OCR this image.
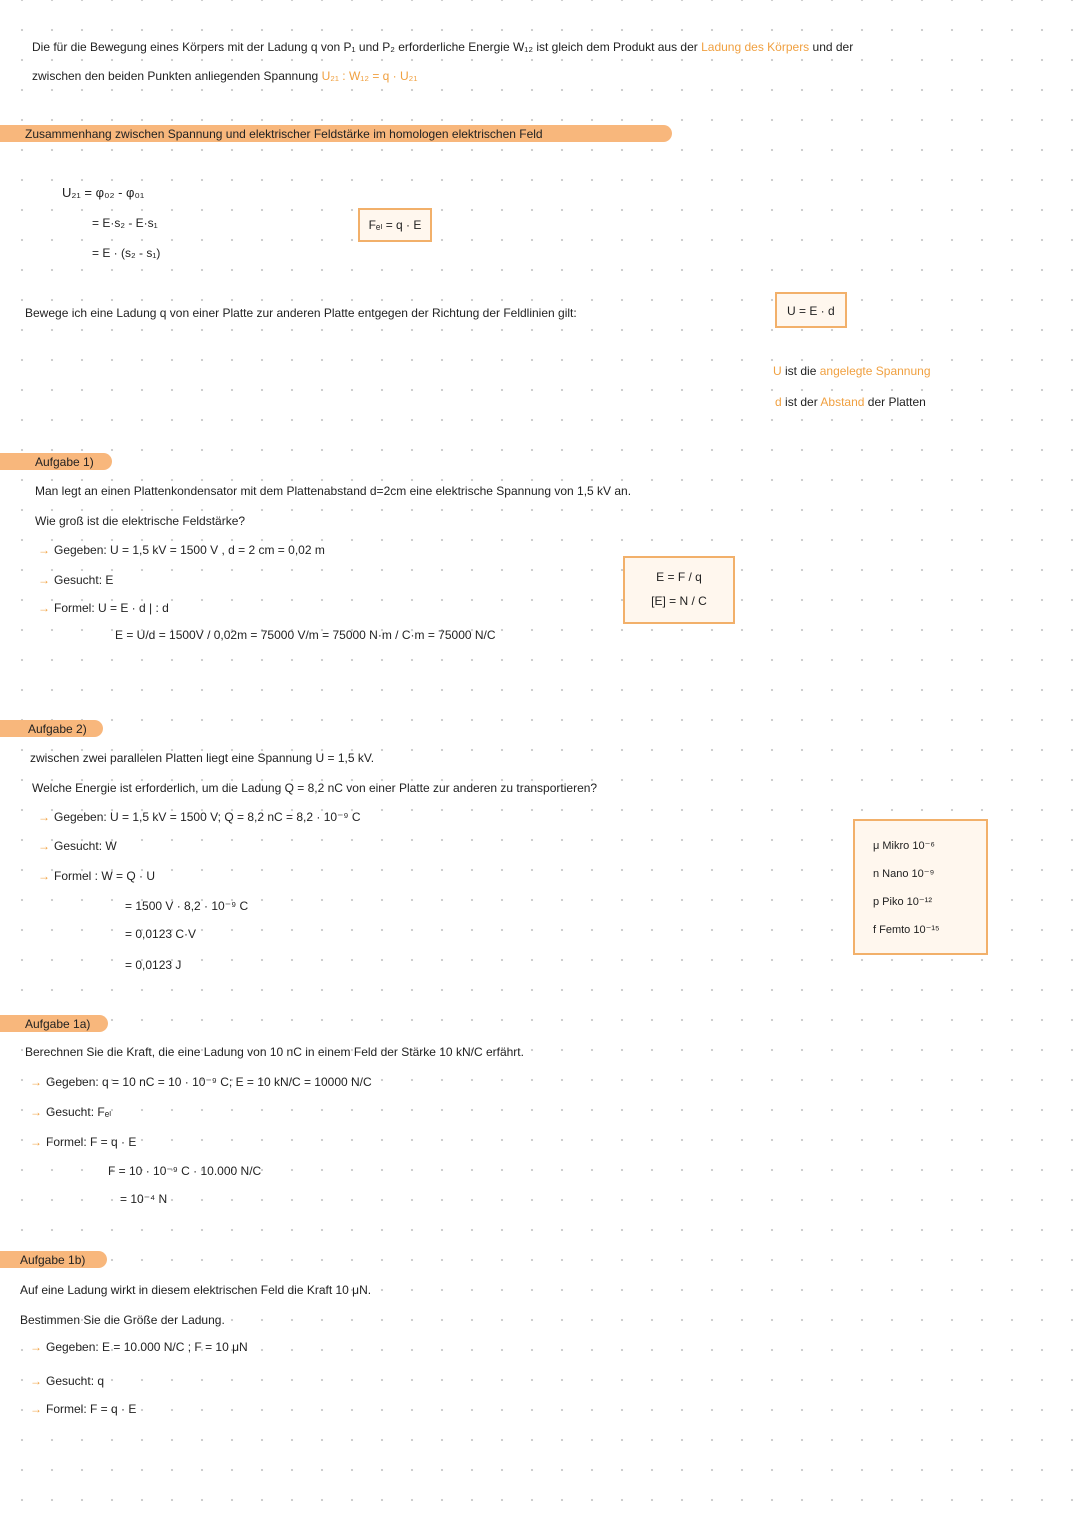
Die für die Bewegung eines Körpers mit der Ladung q von P₁ und P₂ erforderliche Energie W₁₂ ist gleich dem Produkt aus der Ladung des Körpers und der
zwischen den beiden Punkten anliegenden Spannung U₂₁ : W₁₂ = q · U₂₁
Zusammenhang zwischen Spannung und elektrischer Feldstärke im homologen elektrischen Feld
U₂₁ = φ₀₂ - φ₀₁
= E·s₂ - E·s₁
= E · (s₂ - s₁)
Fₑₗ = q · E
Bewege ich eine Ladung q von einer Platte zur anderen Platte entgegen der Richtung der Feldlinien gilt:	U = E · d
U ist die angelegte Spannung
d ist der Abstand der Platten
Aufgabe 1)
Man legt an einen Plattenkondensator mit dem Plattenabstand d=2cm eine elektrische Spannung von 1,5 kV an.
Wie groß ist die elektrische Feldstärke?
→ Gegeben: U = 1,5 kV = 1500 V , d = 2 cm = 0,02 m
→ Gesucht: E
→ Formel: U = E · d | : d
E = U/d = 1500V / 0,02m = 75000 V/m = 75000 N·m / C·m = 75000 N/C
E = F / q
[E] = N / C
Aufgabe 2)
zwischen zwei parallelen Platten liegt eine Spannung U = 1,5 kV.
Welche Energie ist erforderlich, um die Ladung Q = 8,2 nC von einer Platte zur anderen zu transportieren?
→ Gegeben: U = 1,5 kV = 1500 V; Q = 8,2 nC = 8,2 · 10⁻⁹ C
→ Gesucht: W
→ Formel : W = Q · U
= 1500 V · 8,2 · 10⁻⁹ C
= 0,0123 C·V
= 0,0123 J
μ Mikro 10⁻⁶
n Nano 10⁻⁹
p Piko 10⁻¹²
f Femto 10⁻¹⁵
Aufgabe 1a)
Berechnen Sie die Kraft, die eine Ladung von 10 nC in einem Feld der Stärke 10 kN/C erfährt.
→ Gegeben: q = 10 nC = 10 · 10⁻⁹ C; E = 10 kN/C = 10000 N/C
→ Gesucht: Fₑₗ
→ Formel: F = q · E
F = 10 · 10⁻⁹ C · 10.000 N/C
= 10⁻⁴ N
Aufgabe 1b)
Auf eine Ladung wirkt in diesem elektrischen Feld die Kraft 10 μN.
Bestimmen Sie die Größe der Ladung.
→ Gegeben: E = 10.000 N/C ; F = 10 μN
→ Gesucht: q
→ Formel: F = q · E
